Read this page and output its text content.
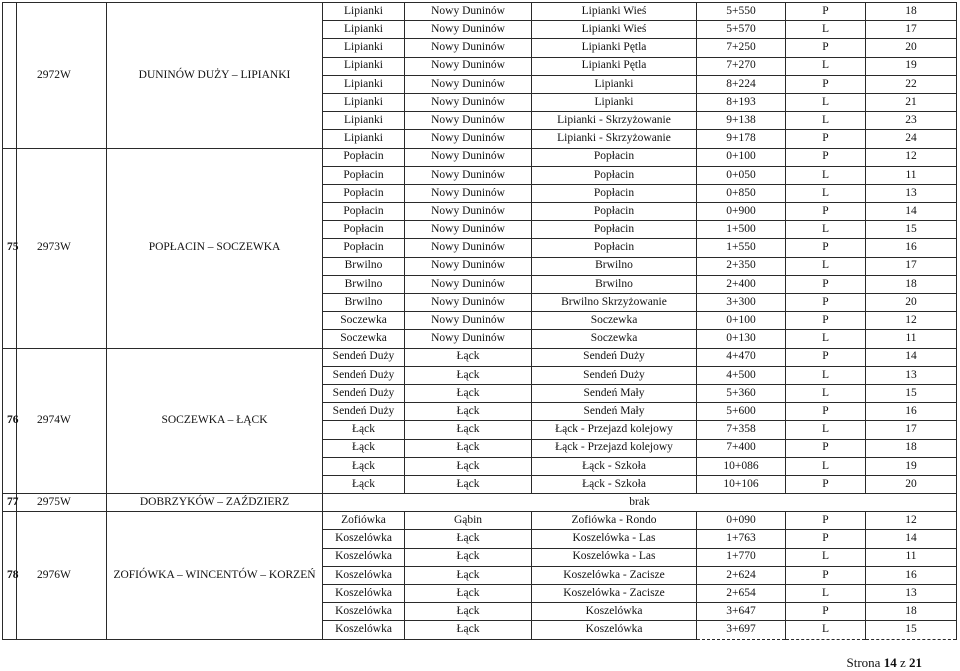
	2972W	DUNINÓW DUŻY – LIPIANKI	Lipianki	Nowy Duninów	Lipianki Wieś	5+550	P	18
			Lipianki	Nowy Duninów	Lipianki Wieś	5+570	L	17
			Lipianki	Nowy Duninów	Lipianki Pętla	7+250	P	20
			Lipianki	Nowy Duninów	Lipianki Pętla	7+270	L	19
			Lipianki	Nowy Duninów	Lipianki	8+224	P	22
			Lipianki	Nowy Duninów	Lipianki	8+193	L	21
			Lipianki	Nowy Duninów	Lipianki - Skrzyżowanie	9+138	L	23
			Lipianki	Nowy Duninów	Lipianki - Skrzyżowanie	9+178	P	24
75	2973W	POPŁACIN – SOCZEWKA	Popłacin	Nowy Duninów	Popłacin	0+100	P	12
			Popłacin	Nowy Duninów	Popłacin	0+050	L	11
			Popłacin	Nowy Duninów	Popłacin	0+850	L	13
			Popłacin	Nowy Duninów	Popłacin	0+900	P	14
			Popłacin	Nowy Duninów	Popłacin	1+500	L	15
			Popłacin	Nowy Duninów	Popłacin	1+550	P	16
			Brwilno	Nowy Duninów	Brwilno	2+350	L	17
			Brwilno	Nowy Duninów	Brwilno	2+400	P	18
			Brwilno	Nowy Duninów	Brwilno Skrzyżowanie	3+300	P	20
			Soczewka	Nowy Duninów	Soczewka	0+100	P	12
			Soczewka	Nowy Duninów	Soczewka	0+130	L	11
76	2974W	SOCZEWKA – ŁĄCK	Sendeń Duży	Łąck	Sendeń Duży	4+470	P	14
			Sendeń Duży	Łąck	Sendeń Duży	4+500	L	13
			Sendeń Duży	Łąck	Sendeń Mały	5+360	L	15
			Sendeń Duży	Łąck	Sendeń Mały	5+600	P	16
			Łąck	Łąck	Łąck - Przejazd kolejowy	7+358	L	17
			Łąck	Łąck	Łąck - Przejazd kolejowy	7+400	P	18
			Łąck	Łąck	Łąck - Szkoła	10+086	L	19
			Łąck	Łąck	Łąck - Szkoła	10+106	P	20
77	2975W	DOBRZYKÓW – ZAŹDZIERZ	brak					
78	2976W	ZOFIÓWKA – WINCENTÓW – KORZEŃ	Zofiówka	Gąbin	Zofiówka - Rondo	0+090	P	12
			Koszelówka	Łąck	Koszelówka - Las	1+763	P	14
			Koszelówka	Łąck	Koszelówka - Las	1+770	L	11
			Koszelówka	Łąck	Koszelówka - Zacisze	2+624	P	16
			Koszelówka	Łąck	Koszelówka - Zacisze	2+654	L	13
			Koszelówka	Łąck	Koszelówka	3+647	P	18
			Koszelówka	Łąck	Koszelówka	3+697	L	15
Strona 14 z 21
